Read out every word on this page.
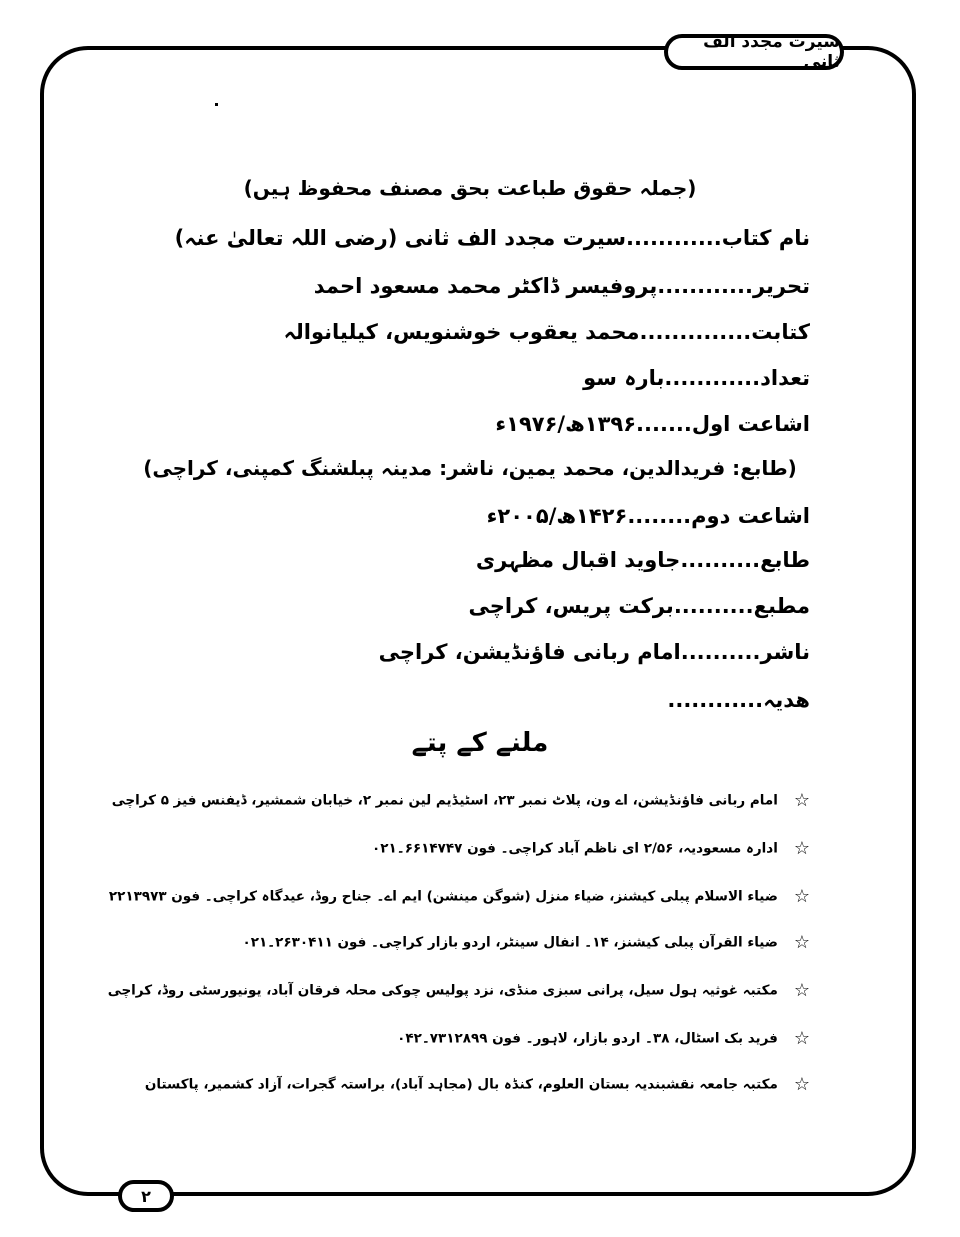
سیرت مجدد الف ثانی
۲
(جملہ حقوق طباعت بحق مصنف محفوظ ہیں)
نام کتاب............سیرت مجدد الف ثانی (رضی اللہ تعالیٰ عنہ)
تحریر............پروفیسر ڈاکٹر محمد مسعود احمد
کتابت..............محمد یعقوب خوشنویس، کیلیانوالہ
تعداد............بارہ سو
اشاعت اول.......۱۳۹۶ھ/۱۹۷۶ء
(طابع: فریدالدین، محمد یمین، ناشر: مدینہ پبلشنگ کمپنی، کراچی)
اشاعت دوم........۱۴۲۶ھ/۲۰۰۵ء
طابع..........جاوید اقبال مظہری
مطبع..........برکت پریس، کراچی
ناشر..........امام ربانی فاؤنڈیشن، کراچی
ھدیہ............
ملنے کے پتے
☆امام ربانی فاؤنڈیشن، اے ون، پلاٹ نمبر ۲۳، اسٹیڈیم لین نمبر ۲، خیابان شمشیر، ڈیفنس فیز ۵ کراچی
☆ادارہ مسعودیہ، ۲/۵۶ ای ناظم آباد کراچی۔ فون ۶۶۱۴۷۴۷۔۰۲۱
☆ضیاء الاسلام پبلی کیشنز، ضیاء منزل (شوگن مینشن) ایم اے۔ جناح روڈ، عیدگاہ کراچی۔ فون ۲۲۱۳۹۷۳
☆ضیاء القرآن پبلی کیشنز، ۱۴۔ انفال سینٹر، اردو بازار کراچی۔ فون ۲۶۳۰۴۱۱۔۰۲۱
☆مکتبہ غوثیہ ہول سیل، پرانی سبزی منڈی، نزد پولیس چوکی محلہ فرقان آباد، یونیورسٹی روڈ، کراچی
☆فرید بک اسٹال، ۳۸۔ اردو بازار، لاہور۔ فون ۷۳۱۲۸۹۹۔۰۴۲
☆مکتبہ جامعہ نقشبندیہ بستان العلوم، کنڈہ بال (مجاہد آباد)، براستہ گجرات، آزاد کشمیر، پاکستان
